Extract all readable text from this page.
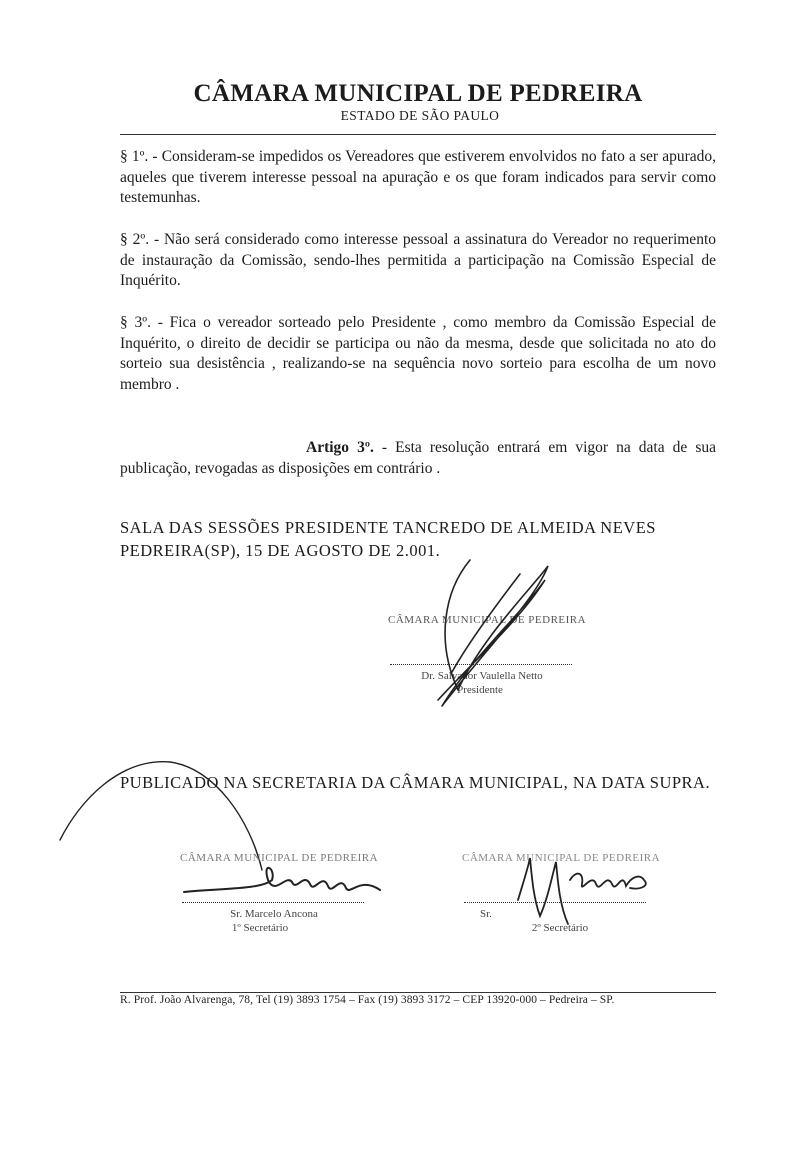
CÂMARA MUNICIPAL DE PEDREIRA
ESTADO DE SÃO PAULO
§ 1º. - Consideram-se impedidos os Vereadores que estiverem envolvidos no fato a ser apurado, aqueles que tiverem interesse pessoal na apuração e os que foram indicados para servir como testemunhas.
§ 2º. - Não será considerado como interesse pessoal a assinatura do Vereador no requerimento de instauração da Comissão, sendo-lhes permitida a participação na Comissão Especial de Inquérito.
§ 3º. - Fica o vereador sorteado pelo Presidente , como membro da Comissão Especial de Inquérito, o direito de decidir se participa ou não da mesma, desde que solicitada no ato do sorteio sua desistência , realizando-se na sequência novo sorteio para escolha de um novo membro .
Artigo 3º. - Esta resolução entrará em vigor na data de sua publicação, revogadas as disposições em contrário .
SALA DAS SESSÕES PRESIDENTE TANCREDO DE ALMEIDA NEVES
PEDREIRA(SP), 15 DE AGOSTO DE 2.001.
CÂMARA MUNICIPAL DE PEDREIRA
Dr. Salvador Vaulella Netto
Presidente
PUBLICADO NA SECRETARIA DA CÂMARA MUNICIPAL, NA DATA SUPRA.
CÂMARA MUNICIPAL DE PEDREIRA
Sr. Marcelo Ancona
1º Secretário
CÂMARA MUNICIPAL DE PEDREIRA
Sr.
2º Secretário
R. Prof. João Alvarenga, 78, Tel (19) 3893 1754 – Fax (19) 3893 3172 – CEP 13920-000 – Pedreira – SP.
